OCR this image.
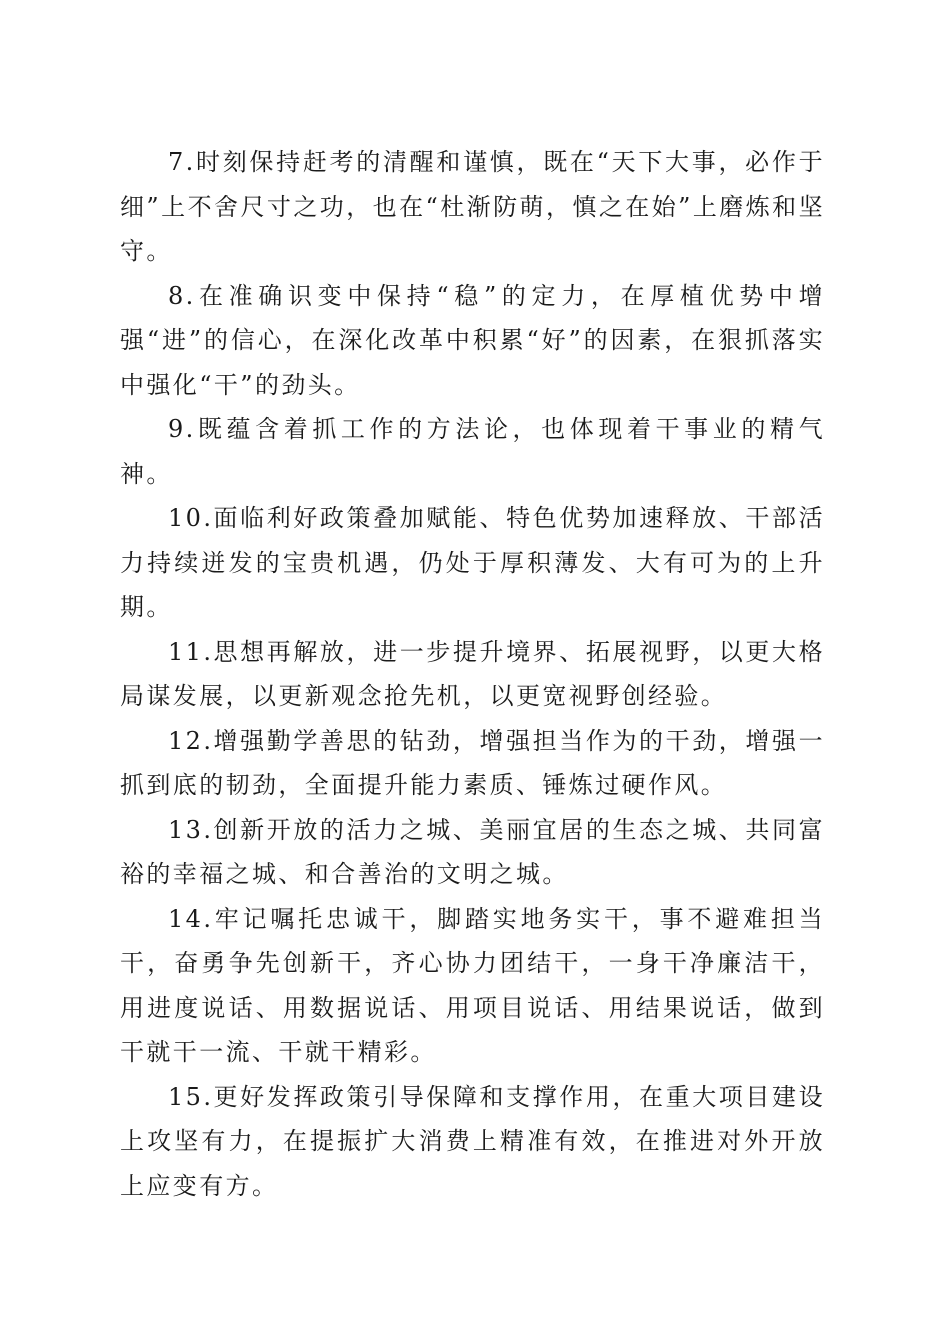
7.时刻保持赶考的清醒和谨慎，既在“天下大事，必作于细”上不舍尺寸之功，也在“杜渐防萌，慎之在始”上磨炼和坚守。

8.在准确识变中保持“稳”的定力，在厚植优势中增强“进”的信心，在深化改革中积累“好”的因素，在狠抓落实中强化“干”的劲头。

9.既蕴含着抓工作的方法论，也体现着干事业的精气神。

10.面临利好政策叠加赋能、特色优势加速释放、干部活力持续迸发的宝贵机遇，仍处于厚积薄发、大有可为的上升期。

11.思想再解放，进一步提升境界、拓展视野，以更大格局谋发展，以更新观念抢先机，以更宽视野创经验。

12.增强勤学善思的钻劲，增强担当作为的干劲，增强一抓到底的韧劲，全面提升能力素质、锤炼过硬作风。

13.创新开放的活力之城、美丽宜居的生态之城、共同富裕的幸福之城、和合善治的文明之城。

14.牢记嘱托忠诚干，脚踏实地务实干，事不避难担当干，奋勇争先创新干，齐心协力团结干，一身干净廉洁干，用进度说话、用数据说话、用项目说话、用结果说话，做到干就干一流、干就干精彩。

15.更好发挥政策引导保障和支撑作用，在重大项目建设上攻坚有力，在提振扩大消费上精准有效，在推进对外开放上应变有方。
